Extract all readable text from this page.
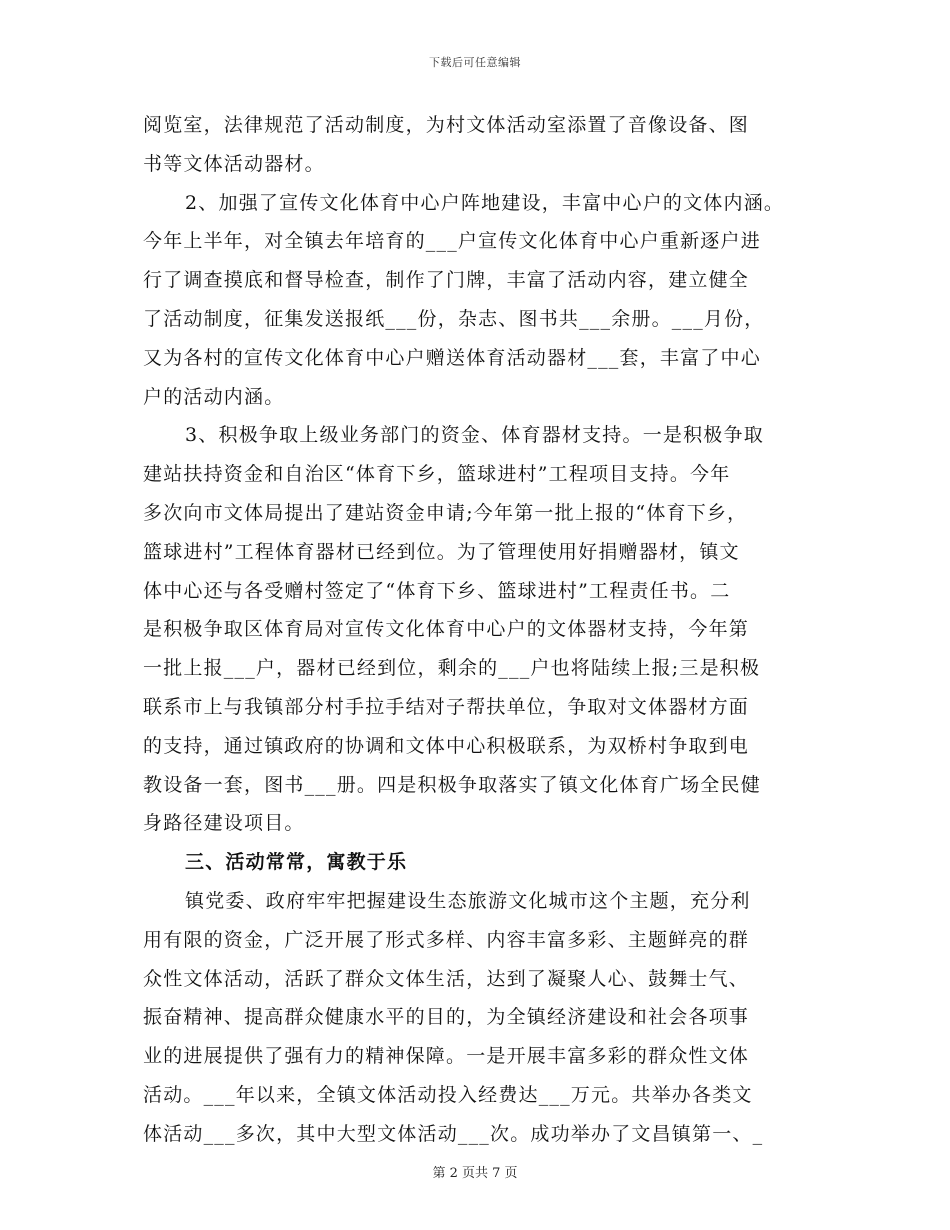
下载后可任意编辑
阅览室，法律规范了活动制度，为村文体活动室添置了音像设备、图
书等文体活动器材。
2、加强了宣传文化体育中心户阵地建设，丰富中心户的文体内涵。
今年上半年，对全镇去年培育的___户宣传文化体育中心户重新逐户进
行了调查摸底和督导检查，制作了门牌，丰富了活动内容，建立健全
了活动制度，征集发送报纸___份，杂志、图书共___余册。___月份，
又为各村的宣传文化体育中心户赠送体育活动器材___套，丰富了中心
户的活动内涵。
3、积极争取上级业务部门的资金、体育器材支持。一是积极争取
建站扶持资金和自治区“体育下乡，篮球进村”工程项目支持。今年
多次向市文体局提出了建站资金申请;今年第一批上报的“体育下乡，
篮球进村”工程体育器材已经到位。为了管理使用好捐赠器材，镇文
体中心还与各受赠村签定了“体育下乡、篮球进村”工程责任书。二
是积极争取区体育局对宣传文化体育中心户的文体器材支持，今年第
一批上报___户，器材已经到位，剩余的___户也将陆续上报;三是积极
联系市上与我镇部分村手拉手结对子帮扶单位，争取对文体器材方面
的支持，通过镇政府的协调和文体中心积极联系，为双桥村争取到电
教设备一套，图书___册。四是积极争取落实了镇文化体育广场全民健
身路径建设项目。
三、活动常常，寓教于乐
镇党委、政府牢牢把握建设生态旅游文化城市这个主题，充分利
用有限的资金，广泛开展了形式多样、内容丰富多彩、主题鲜亮的群
众性文体活动，活跃了群众文体生活，达到了凝聚人心、鼓舞士气、
振奋精神、提高群众健康水平的目的，为全镇经济建设和社会各项事
业的进展提供了强有力的精神保障。一是开展丰富多彩的群众性文体
活动。___年以来，全镇文体活动投入经费达___万元。共举办各类文
体活动___多次，其中大型文体活动___次。成功举办了文昌镇第一、_
第 2 页共 7 页
